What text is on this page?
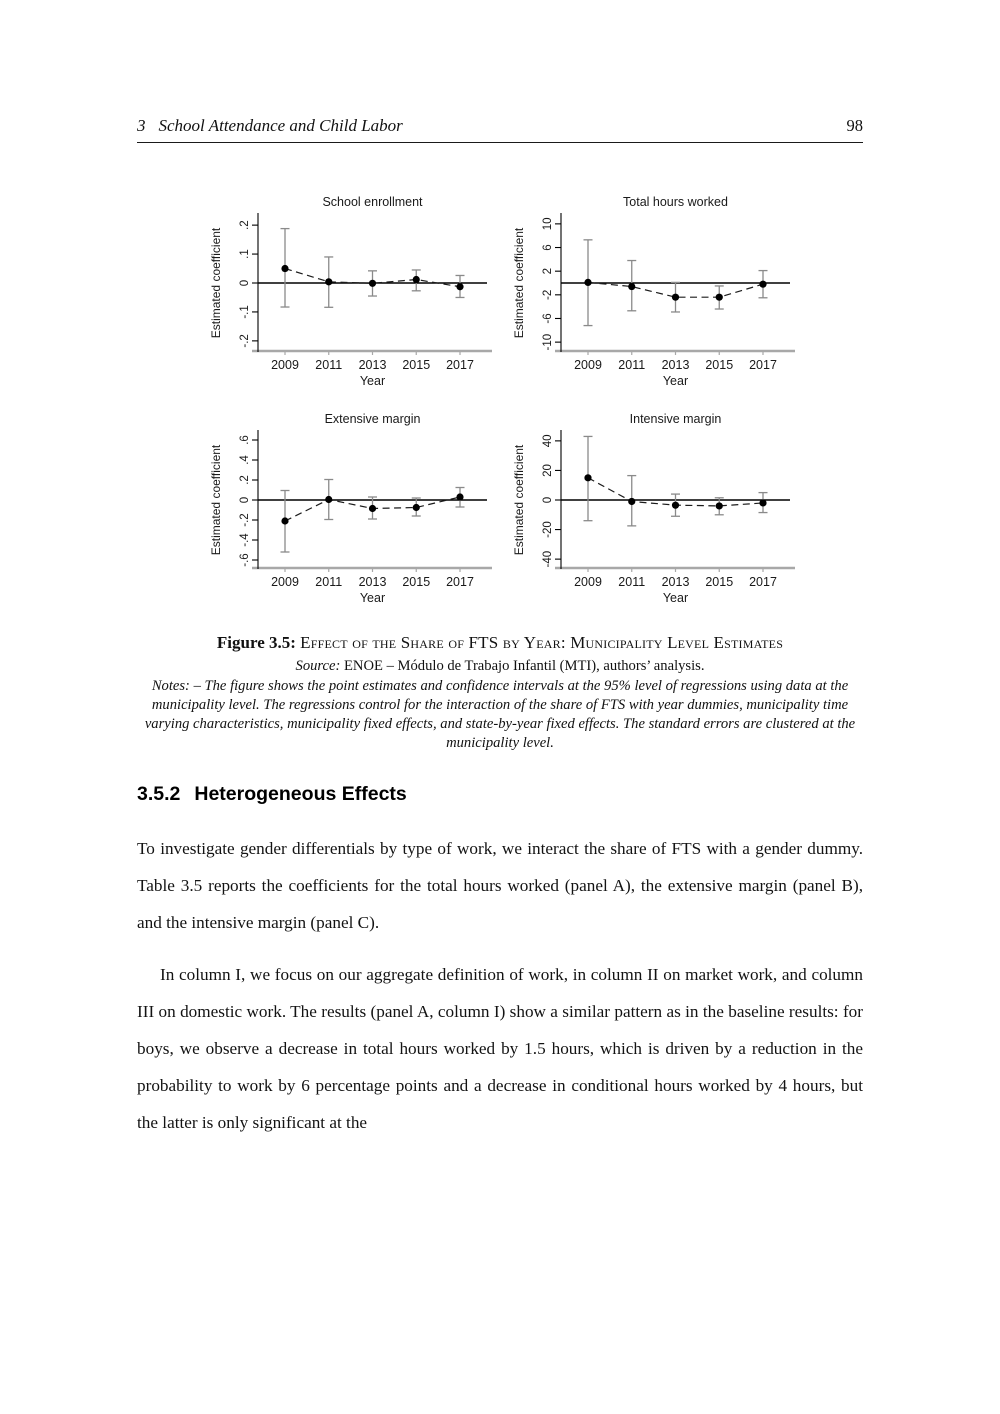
3 School Attendance and Child Labor	98
School enrollment
-.2
-.1
0
.1
.2
Estimated coefficient
2009 2011 2013 2015 2017
Year
Total hours worked
-10
-6
-2
2
6
10
Estimated coefficient
2009 2011 2013 2015 2017
Year
Extensive margin
-.6
-.4
-.2
0
.2
.4
.6
Estimated coefficient
2009 2011 2013 2015 2017
Year
Intensive margin
-40
-20
0
20
40
Estimated coefficient
2009 2011 2013 2015 2017
Year
Figure 3.5: Effect of the Share of FTS by Year: Municipality Level Estimates
Source: ENOE – Módulo de Trabajo Infantil (MTI), authors’ analysis.
Notes: – The figure shows the point estimates and confidence intervals at the 95% level of regressions using data at the municipality level. The regressions control for the interaction of the share of FTS with year dummies, municipality time varying characteristics, municipality fixed effects, and state-by-year fixed effects. The standard errors are clustered at the municipality level.
3.5.2 Heterogeneous Effects

To investigate gender differentials by type of work, we interact the share of FTS with a gender dummy. Table 3.5 reports the coefficients for the total hours worked (panel A), the extensive margin (panel B), and the intensive margin (panel C).

In column I, we focus on our aggregate definition of work, in column II on market work, and column III on domestic work. The results (panel A, column I) show a similar pattern as in the baseline results: for boys, we observe a decrease in total hours worked by 1.5 hours, which is driven by a reduction in the probability to work by 6 percentage points and a decrease in conditional hours worked by 4 hours, but the latter is only significant at the
